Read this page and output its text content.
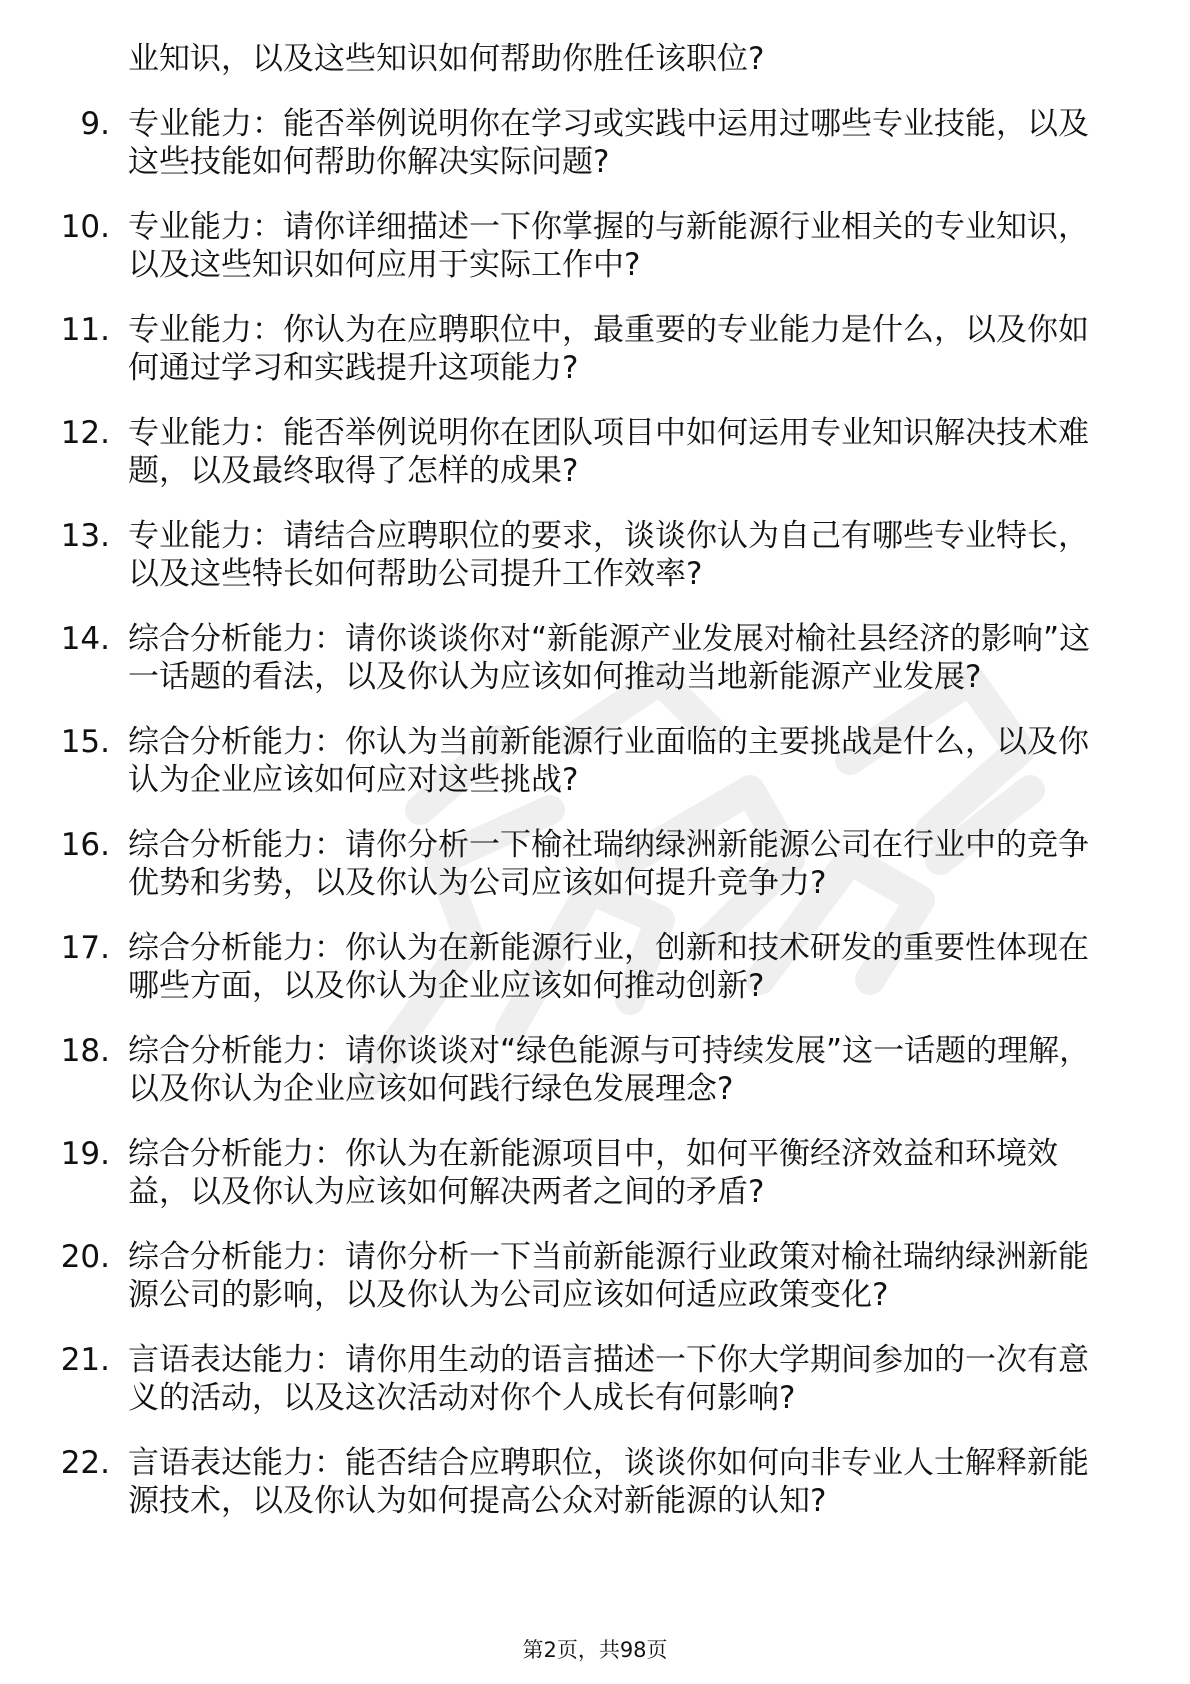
业知识，以及这些知识如何帮助你胜任该职位?
9. 专业能力：能否举例说明你在学习或实践中运用过哪些专业技能，以及这些技能如何帮助你解决实际问题?
10. 专业能力：请你详细描述一下你掌握的与新能源行业相关的专业知识，以及这些知识如何应用于实际工作中?
11. 专业能力：你认为在应聘职位中，最重要的专业能力是什么，以及你如何通过学习和实践提升这项能力?
12. 专业能力：能否举例说明你在团队项目中如何运用专业知识解决技术难题，以及最终取得了怎样的成果?
13. 专业能力：请结合应聘职位的要求，谈谈你认为自己有哪些专业特长，以及这些特长如何帮助公司提升工作效率?
14. 综合分析能力：请你谈谈你对“新能源产业发展对榆社县经济的影响”这一话题的看法，以及你认为应该如何推动当地新能源产业发展?
15. 综合分析能力：你认为当前新能源行业面临的主要挑战是什么，以及你认为企业应该如何应对这些挑战?
16. 综合分析能力：请你分析一下榆社瑞纳绿洲新能源公司在行业中的竞争优势和劣势，以及你认为公司应该如何提升竞争力?
17. 综合分析能力：你认为在新能源行业，创新和技术研发的重要性体现在哪些方面，以及你认为企业应该如何推动创新?
18. 综合分析能力：请你谈谈对“绿色能源与可持续发展”这一话题的理解，以及你认为企业应该如何践行绿色发展理念?
19. 综合分析能力：你认为在新能源项目中，如何平衡经济效益和环境效益，以及你认为应该如何解决两者之间的矛盾?
20. 综合分析能力：请你分析一下当前新能源行业政策对榆社瑞纳绿洲新能源公司的影响，以及你认为公司应该如何适应政策变化?
21. 言语表达能力：请你用生动的语言描述一下你大学期间参加的一次有意义的活动，以及这次活动对你个人成长有何影响?
22. 言语表达能力：能否结合应聘职位，谈谈你如何向非专业人士解释新能源技术，以及你认为如何提高公众对新能源的认知?
第2页，共98页
